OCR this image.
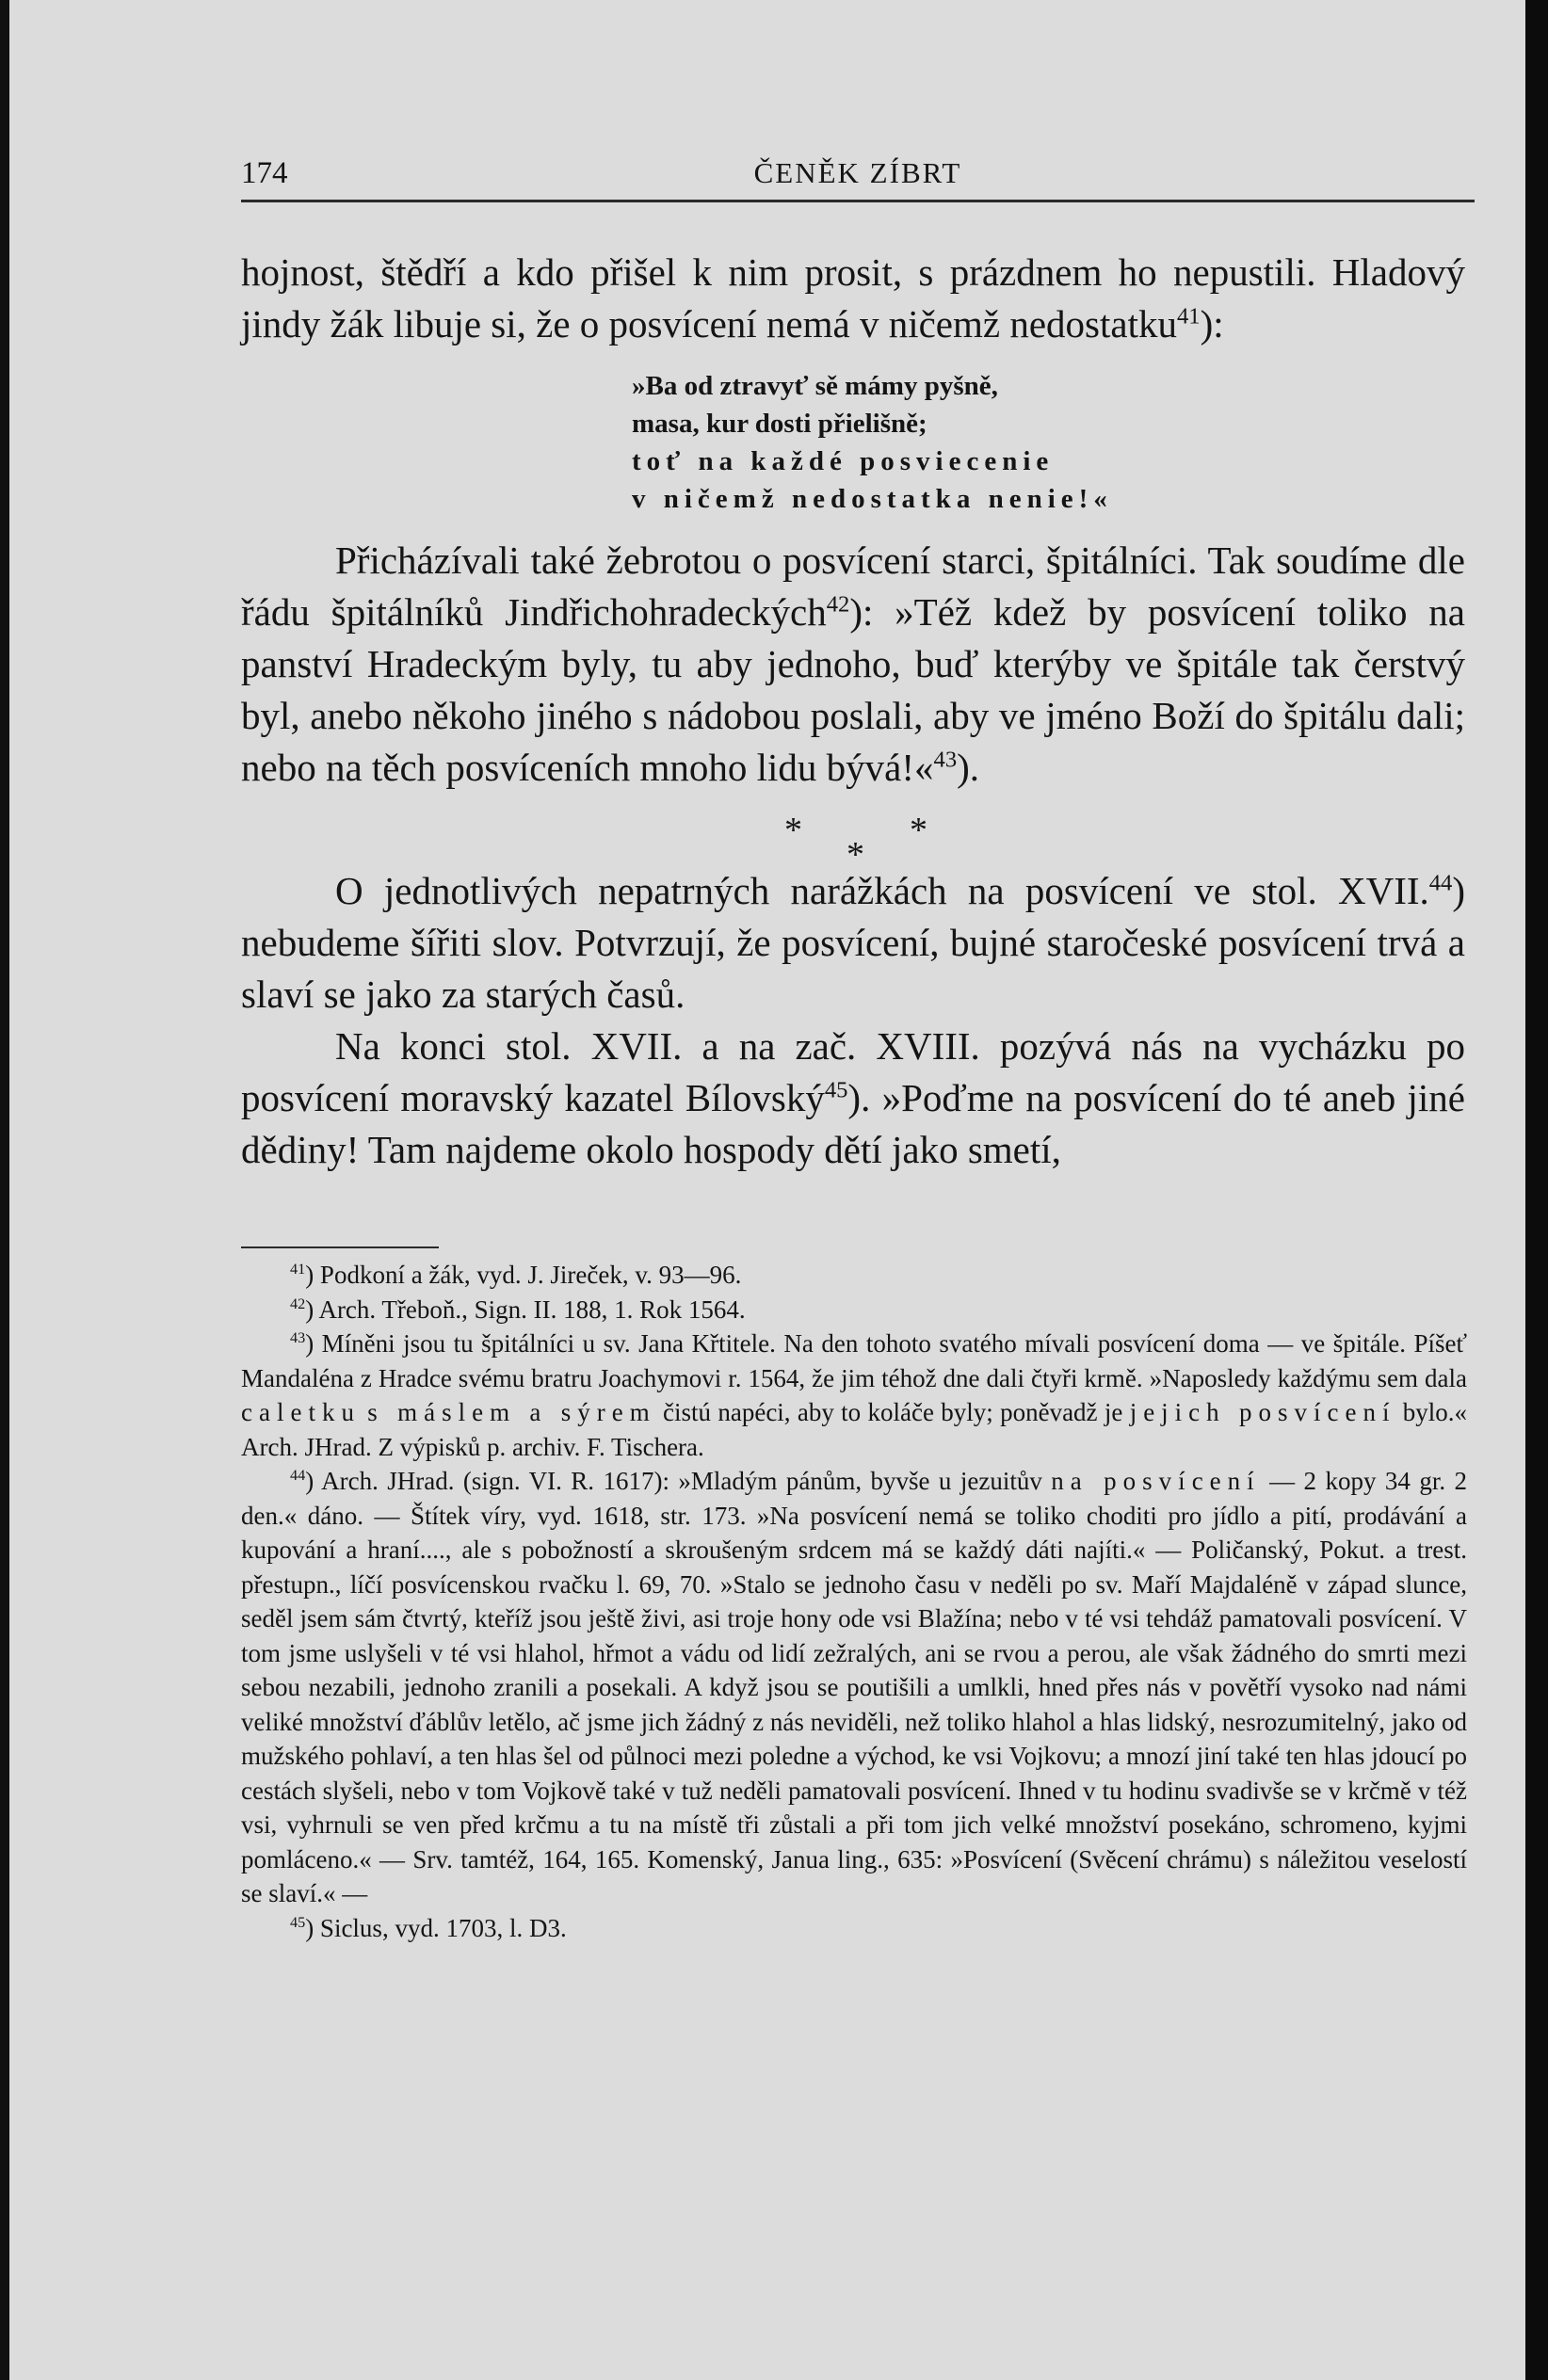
174	ČENĚK ZÍBRT

hojnost, štědří a kdo přišel k nim prosit, s prázdnem ho nepustili. Hladový jindy žák libuje si, že o posvícení nemá v ničemž nedostatku$^{41}$):

»Ba od ztravyť sě mámy pyšně,
masa, kur dosti přielišně;
toť na každé posviecenie
v ničemž nedostatka nenie!«

Přicházívali také žebrotou o posvícení starci, špitálníci. Tak soudíme dle řádu špitálníků Jindřichohradeckých$^{42}$): »Též kdež by posvícení toliko na panství Hradeckým byly, tu aby jednoho, buď kterýby ve špitále tak čerstvý byl, anebo někoho jiného s nádobou poslali, aby ve jméno Boží do špitálu dali; nebo na těch posvíceních mnoho lidu bývá!«$^{43}$).

*	*
*

O jednotlivých nepatrných narážkách na posvícení ve stol. XVII.$^{44}$) nebudeme šířiti slov. Potvrzují, že posvícení, bujné staročeské posvícení trvá a slaví se jako za starých časů.

Na konci stol. XVII. a na zač. XVIII. pozývá nás na vycházku po posvícení moravský kazatel Bílovský$^{45}$). »Poďme na posvícení do té aneb jiné dědiny! Tam najdeme okolo hospody dětí jako smetí,

$^{41}$) Podkoní a žák, vyd. J. Jireček, v. 93—96.

$^{42}$) Arch. Třeboň., Sign. II. 188, 1. Rok 1564.

$^{43}$) Míněni jsou tu špitálníci u sv. Jana Křtitele. Na den tohoto svatého mívali posvícení doma — ve špitále. Píšeť Mandaléna z Hradce svému bratru Joachymovi r. 1564, že jim téhož dne dali čtyři krmě. »Naposledy každýmu sem dala caletku s máslem a sýrem čistú napéci, aby to koláče byly; poněvadž je jejich posvícení bylo.« Arch. JHrad. Z výpisků p. archiv. F. Tischera.

$^{44}$) Arch. JHrad. (sign. VI. R. 1617): »Mladým pánům, byvše u jezuitův na posvícení — 2 kopy 34 gr. 2 den.« dáno. — Štítek víry, vyd. 1618, str. 173. »Na posvícení nemá se toliko choditi pro jídlo a pití, prodávání a kupování a hraní...., ale s pobožností a skroušeným srdcem má se každý dáti najíti.« — Poličanský, Pokut. a trest. přestupn., líčí posvícenskou rvačku l. 69, 70. »Stalo se jednoho času v neděli po sv. Maří Majdaléně v západ slunce, seděl jsem sám čtvrtý, kteříž jsou ještě živi, asi troje hony ode vsi Blažína; nebo v té vsi tehdáž pamatovali posvícení. V tom jsme uslyšeli v té vsi hlahol, hřmot a vádu od lidí zežralých, ani se rvou a perou, ale však žádného do smrti mezi sebou nezabili, jednoho zranili a posekali. A když jsou se poutišili a umlkli, hned přes nás v povětří vysoko nad námi veliké množství ďáblův letělo, ač jsme jich žádný z nás neviděli, než toliko hlahol a hlas lidský, nesrozumitelný, jako od mužského pohlaví, a ten hlas šel od půlnoci mezi poledne a východ, ke vsi Vojkovu; a mnozí jiní také ten hlas jdoucí po cestách slyšeli, nebo v tom Vojkově také v tuž neděli pamatovali posvícení. Ihned v tu hodinu svadivše se v krčmě v též vsi, vyhrnuli se ven před krčmu a tu na místě tři zůstali a při tom jich velké množství posekáno, schromeno, kyjmi pomláceno.« — Srv. tamtéž, 164, 165. Komenský, Janua ling., 635: »Posvícení (Svěcení chrámu) s náležitou veselostí se slaví.« —

$^{45}$) Siclus, vyd. 1703, l. D3.
